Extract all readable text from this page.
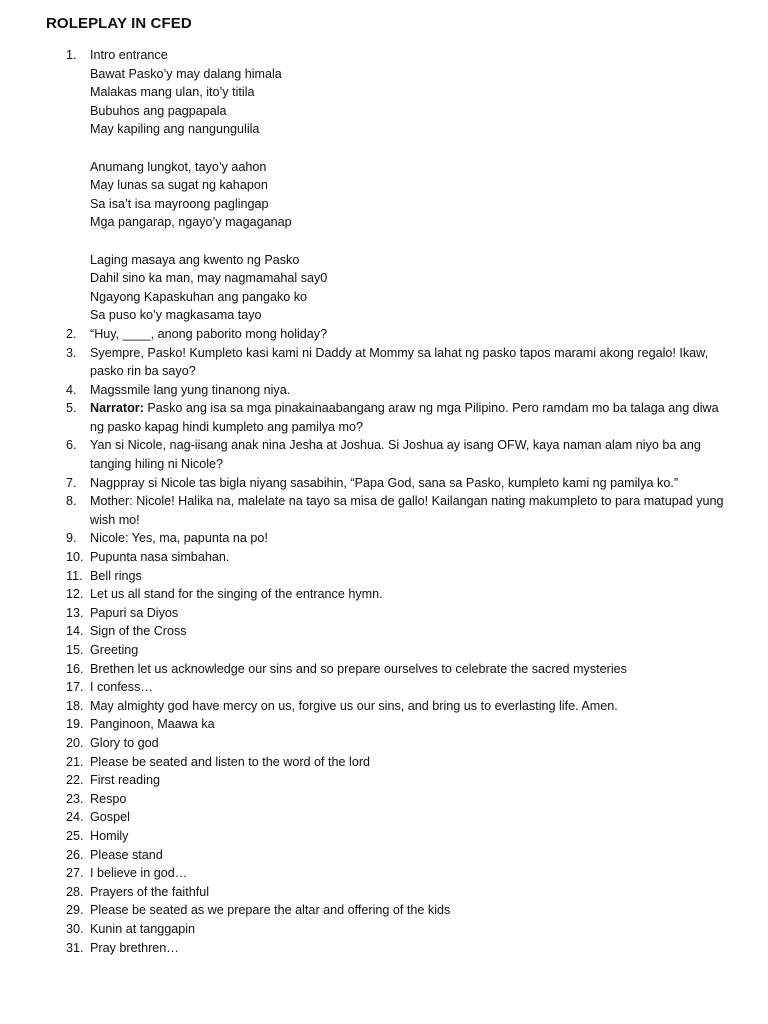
ROLEPLAY IN CFED
1. Intro entrance
Bawat Pasko’y may dalang himala
Malakas mang ulan, ito’y titila
Bubuhos ang pagpapala
May kapiling ang nangungulila
Anumang lungkot, tayo’y aahon
May lunas sa sugat ng kahapon
Sa isa’t isa mayroong paglingap
Mga pangarap, ngayo’y magaganap
Laging masaya ang kwento ng Pasko
Dahil sino ka man, may nagmamahal say0
Ngayong Kapaskuhan ang pangako ko
Sa puso ko’y magkasama tayo
2. “Huy, ____, anong paborito mong holiday?
3. Syempre, Pasko! Kumpleto kasi kami ni Daddy at Mommy sa lahat ng pasko tapos marami akong regalo! Ikaw, pasko rin ba sayo?
4. Magssmile lang yung tinanong niya.
5. Narrator: Pasko ang isa sa mga pinakainaabangang araw ng mga Pilipino. Pero ramdam mo ba talaga ang diwa ng pasko kapag hindi kumpleto ang pamilya mo?
6. Yan si Nicole, nag-iisang anak nina Jesha at Joshua. Si Joshua ay isang OFW, kaya naman alam niyo ba ang tanging hiling ni Nicole?
7. Nagppray si Nicole tas bigla niyang sasabihin, “Papa God, sana sa Pasko, kumpleto kami ng pamilya ko.”
8. Mother: Nicole! Halika na, malelate na tayo sa misa de gallo! Kailangan nating makumpleto to para matupad yung wish mo!
9. Nicole: Yes, ma, papunta na po!
10. Pupunta nasa simbahan.
11. Bell rings
12. Let us all stand for the singing of the entrance hymn.
13. Papuri sa Diyos
14. Sign of the Cross
15. Greeting
16. Brethen let us acknowledge our sins and so prepare ourselves to celebrate the sacred mysteries
17. I confess…
18. May almighty god have mercy on us, forgive us our sins, and bring us to everlasting life. Amen.
19. Panginoon, Maawa ka
20. Glory to god
21. Please be seated and listen to the word of the lord
22. First reading
23. Respo
24. Gospel
25. Homily
26. Please stand
27. I believe in god…
28. Prayers of the faithful
29. Please be seated as we prepare the altar and offering of the kids
30. Kunin at tanggapin
31. Pray brethren…
